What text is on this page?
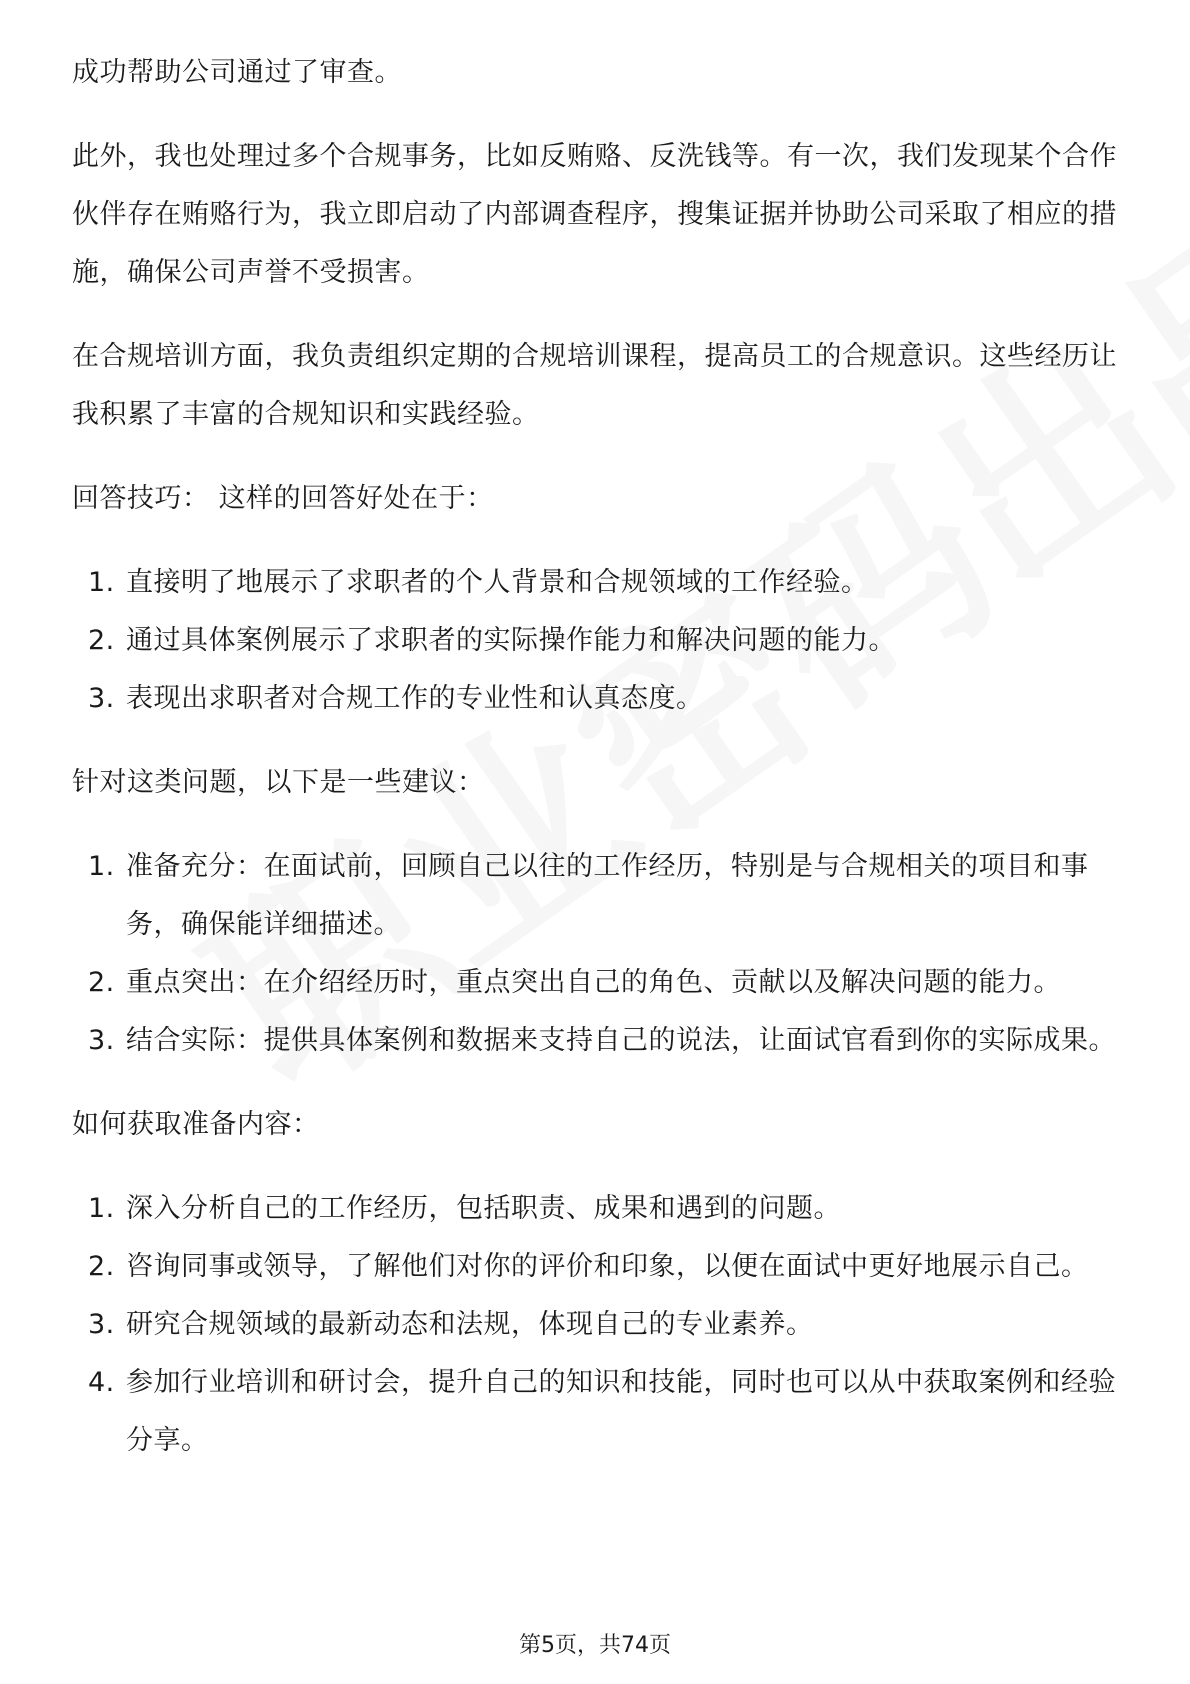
成功帮助公司通过了审查。

此外，我也处理过多个合规事务，比如反贿赂、反洗钱等。有一次，我们发现某个合作伙伴存在贿赂行为，我立即启动了内部调查程序，搜集证据并协助公司采取了相应的措施，确保公司声誉不受损害。

在合规培训方面，我负责组织定期的合规培训课程，提高员工的合规意识。这些经历让我积累了丰富的合规知识和实践经验。

回答技巧： 这样的回答好处在于：

1. 直接明了地展示了求职者的个人背景和合规领域的工作经验。
2. 通过具体案例展示了求职者的实际操作能力和解决问题的能力。
3. 表现出求职者对合规工作的专业性和认真态度。

针对这类问题，以下是一些建议：

1. 准备充分：在面试前，回顾自己以往的工作经历，特别是与合规相关的项目和事务，确保能详细描述。
2. 重点突出：在介绍经历时，重点突出自己的角色、贡献以及解决问题的能力。
3. 结合实际：提供具体案例和数据来支持自己的说法，让面试官看到你的实际成果。

如何获取准备内容：

1. 深入分析自己的工作经历，包括职责、成果和遇到的问题。
2. 咨询同事或领导，了解他们对你的评价和印象，以便在面试中更好地展示自己。
3. 研究合规领域的最新动态和法规，体现自己的专业素养。
4. 参加行业培训和研讨会，提升自己的知识和技能，同时也可以从中获取案例和经验分享。
第5页，共74页
